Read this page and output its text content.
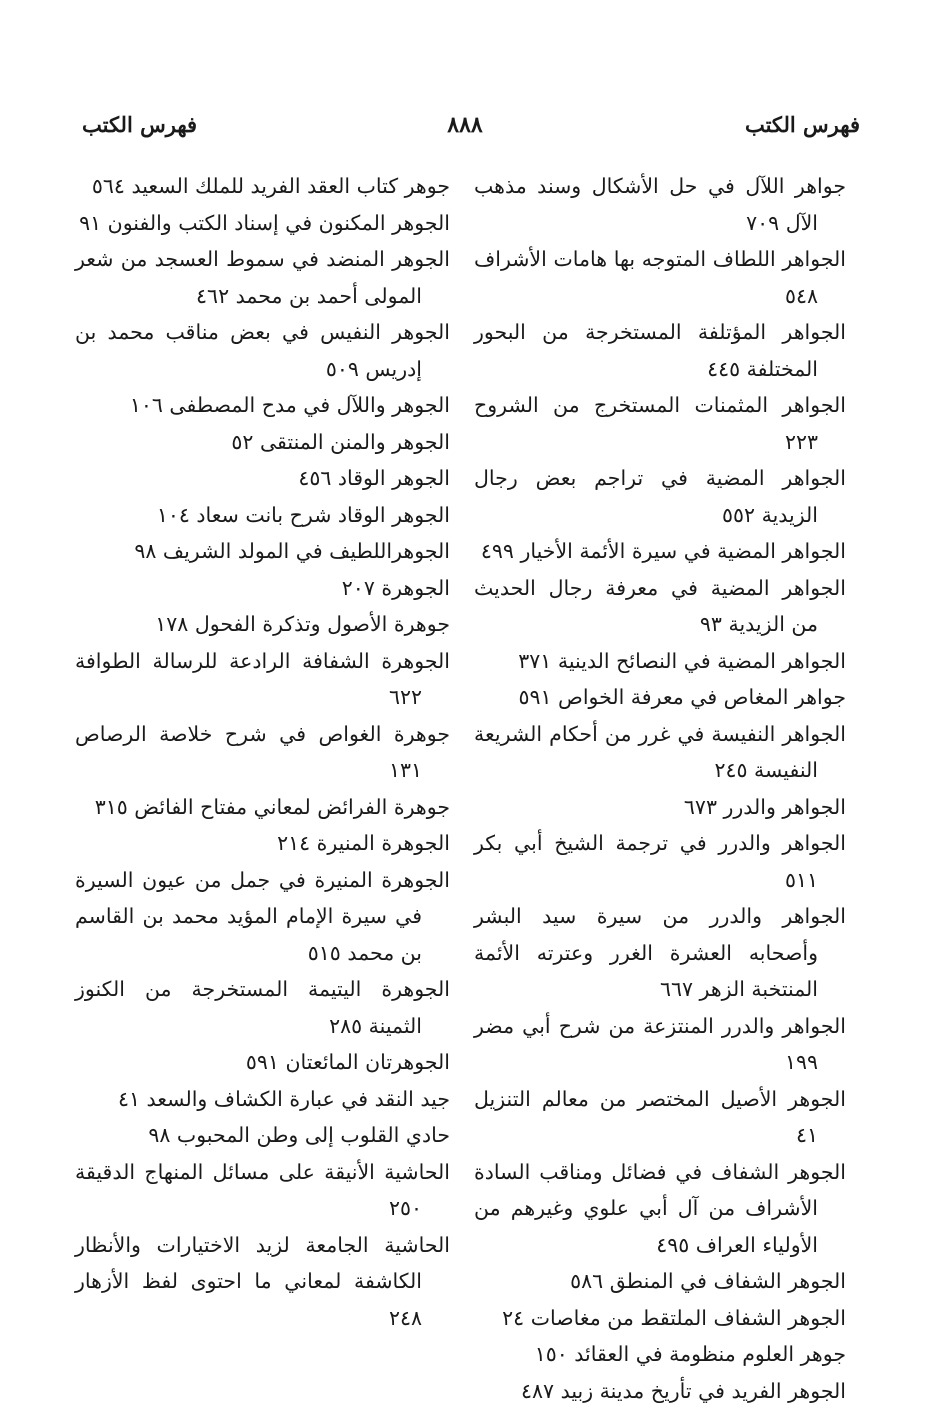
٨٨٨	فهرس الكتب
فهرس الكتب

جواهر اللآل في حل الأشكال وسند مذهب الآل ٧٠٩

الجواهر اللطاف المتوجه بها هامات الأشراف ٥٤٨

الجواهر المؤتلفة المستخرجة من البحور المختلفة ٤٤٥

الجواهر المثمنات المستخرج من الشروح ٢٢٣

الجواهر المضية في تراجم بعض رجال الزيدية ٥٥٢

الجواهر المضية في سيرة الأئمة الأخيار ٤٩٩

الجواهر المضية في معرفة رجال الحديث من الزيدية ٩٣

الجواهر المضية في النصائح الدينية ٣٧١

جواهر المغاص في معرفة الخواص ٥٩١

الجواهر النفيسة في غرر من أحكام الشريعة النفيسة ٢٤٥

الجواهر والدرر ٦٧٣

الجواهر والدرر في ترجمة الشيخ أبي بكر ٥١١

الجواهر والدرر من سيرة سيد البشر وأصحابه العشرة الغرر وعترته الأئمة المنتخبة الزهر ٦٦٧

الجواهر والدرر المنتزعة من شرح أبي مضر ١٩٩

الجوهر الأصيل المختصر من معالم التنزيل ٤١

الجوهر الشفاف في فضائل ومناقب السادة الأشراف من آل أبي علوي وغيرهم من الأولياء العراف ٤٩٥

الجوهر الشفاف في المنطق ٥٨٦

الجوهر الشفاف الملتقط من مغاصات ٢٤

جوهر العلوم منظومة في العقائد ١٥٠

الجوهر الفريد في تأريخ مدينة زبيد ٤٨٧

جوهر كتاب العقد الفريد للملك السعيد ٥٦٤

الجوهر المكنون في إسناد الكتب والفنون ٩١

الجوهر المنضد في سموط العسجد من شعر المولى أحمد بن محمد ٤٦٢

الجوهر النفيس في بعض مناقب محمد بن إدريس ٥٠٩

الجوهر واللآل في مدح المصطفى ١٠٦

الجوهر والمنن المنتقى ٥٢

الجوهر الوقاد ٤٥٦

الجوهر الوقاد شرح بانت سعاد ١٠٤

الجوهراللطيف في المولد الشريف ٩٨

الجوهرة ٢٠٧

جوهرة الأصول وتذكرة الفحول ١٧٨

الجوهرة الشفافة الرادعة للرسالة الطوافة ٦٢٢

جوهرة الغواص في شرح خلاصة الرصاص ١٣١

جوهرة الفرائض لمعاني مفتاح الفائض ٣١٥

الجوهرة المنيرة ٢١٤

الجوهرة المنيرة في جمل من عيون السيرة في سيرة الإمام المؤيد محمد بن القاسم بن محمد ٥١٥

الجوهرة اليتيمة المستخرجة من الكنوز الثمينة ٢٨٥

الجوهرتان المائعتان ٥٩١

جيد النقد في عبارة الكشاف والسعد ٤١

حادي القلوب إلى وطن المحبوب ٩٨

الحاشية الأنيقة على مسائل المنهاج الدقيقة ٢٥٠

الحاشية الجامعة لزيد الاختيارات والأنظار الكاشفة لمعاني ما احتوى لفظ الأزهار ٢٤٨
